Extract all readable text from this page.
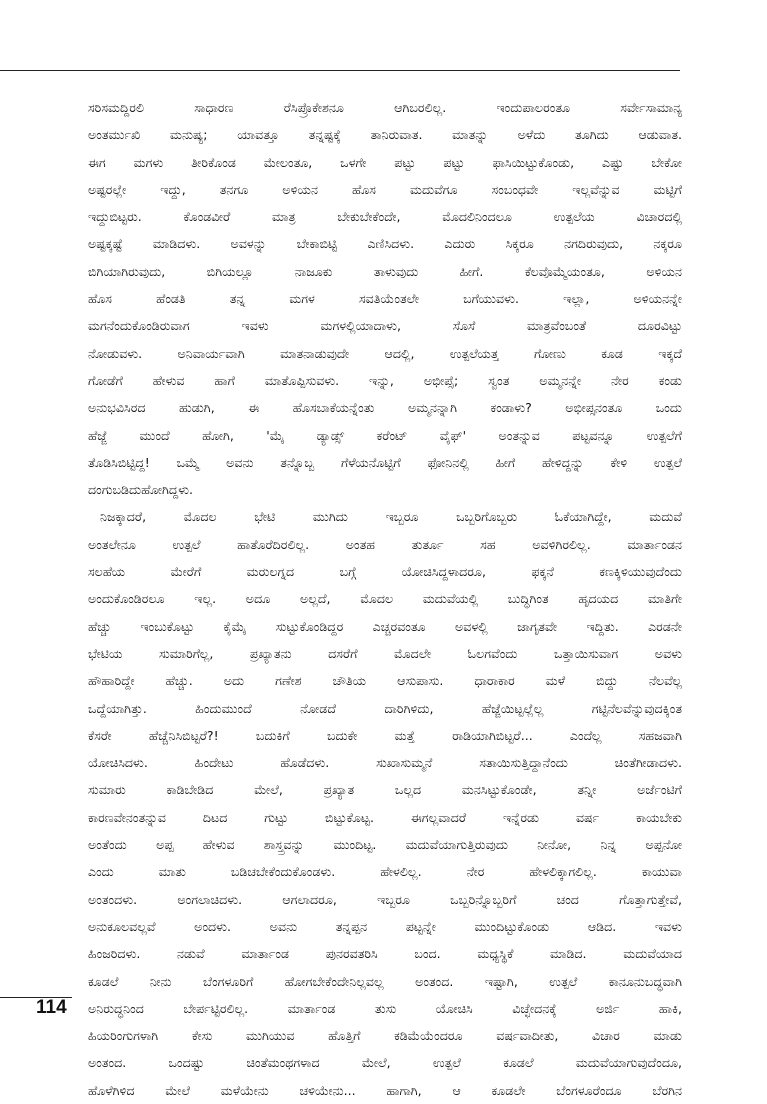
ಸರಿಸಮದ್ದಿರಲಿ ಸಾಧಾರಣ ರೆಸಿಪ್ರೊಕೇಶನೂ ಆಗಿಬರಲಿಲ್ಲ. ಇಂದುಪಾಲರಂತೂ ಸರ್ವೇಸಾಮಾನ್ಯ
ಅಂತರ್ಮುಖಿ ಮನುಷ್ಯ; ಯಾವತ್ತೂ ತನ್ನಷ್ಟಕ್ಕೆ ತಾನಿರುವಾತ. ಮಾತನ್ನು ಅಳೆದು ತೂಗಿದು ಆಡುವಾತ.
ಈಗ ಮಗಳು ತೀರಿಕೊಂಡ ಮೇಲಂತೂ, ಒಳಗೇ ಪಟ್ಟು ಪಟ್ಟು ಫಾಸಿಯಿಟ್ಟುಕೊಂಡು, ಎಷ್ಟು ಬೇಕೋ
ಅಷ್ಟರಲ್ಲೇ ಇದ್ದು, ತನಗೂ ಅಳಿಯನ ಹೊಸ ಮದುವೆಗೂ ಸಂಬಂಧವೇ ಇಲ್ಲವೆನ್ನುವ ಮಟ್ಟಿಗೆ
ಇದ್ದುಬಿಟ್ಟರು. ಕೊಂಡವೀರೆ ಮಾತ್ರ ಬೇಕುಬೇಕೆಂದೇ, ಮೊದಲಿನಿಂದಲೂ ಉತ್ಪಲೆಯ ವಿಚಾರದಲ್ಲಿ
ಅಷ್ಟಕ್ಕಷ್ಟೆ ಮಾಡಿದಳು. ಅವಳನ್ನು ಬೇಕಾಬಿಟ್ಟಿ ಎಣಿಸಿದಳು. ಎದುರು ಸಿಕ್ಕರೂ ನಗದಿರುವುದು, ನಕ್ಕರೂ
ಬಿಗಿಯಾಗಿರುವುದು, ಬಿಗಿಯಲ್ಲೂ ನಾಜೂಕು ತಾಳುವುದು ಹೀಗೆ. ಕೆಲವೊಮ್ಮೆಯಂತೂ, ಅಳಿಯನ
ಹೊಸ ಹೆಂಡತಿ ತನ್ನ ಮಗಳ ಸವತಿಯೆಂತಲೇ ಬಗೆಯುವಳು. ಇಲ್ಲಾ, ಅಳಿಯನನ್ನೇ
ಮಗನೆಂದುಕೊಂಡಿರುವಾಗ ಇವಳು ಮಗಳಲ್ಲಿಯಾದಾಳು, ಸೊಸೆ ಮಾತ್ರವೆಂಬಂತೆ ದೂರವಿಟ್ಟು
ನೋಡುವಳು. ಅನಿವಾರ್ಯವಾಗಿ ಮಾತನಾಡುವುದೇ ಆದಲ್ಲಿ, ಉತ್ಪಲೆಯತ್ತ ಗೋಣು ಕೂಡ ಇಕ್ಕದೆ
ಗೋಡೆಗೆ ಹೇಳುವ ಹಾಗೆ ಮಾತೊಪ್ಪಿಸುವಳು. ಇನ್ನು, ಅಭೀಪ್ಸೆ; ಸ್ವಂತ ಅಮ್ಮನನ್ನೇ ನೇರ ಕಂಡು
ಅನುಭವಿಸಿರದ ಹುಡುಗಿ, ಈ ಹೊಸಬಾಕೆಯನ್ನೆಂತು ಅಮ್ಮನನ್ನಾಗಿ ಕಂಡಾಳು? ಅಭೀಪ್ಸನಂತೂ ಒಂದು
ಹೆಜ್ಜೆ ಮುಂದೆ ಹೋಗಿ, 'ಮೈ ಡ್ಯಾಡ್ಸ್ ಕರೆಂಟ್ ವೈಫ್' ಅಂತನ್ನುವ ಪಟ್ಟವನ್ನೂ ಉತ್ಪಲೆಗೆ
ತೊಡಿಸಿಬಿಟ್ಟಿದ್ದ! ಒಮ್ಮೆ ಅವನು ತನ್ನೊಬ್ಬ ಗೆಳೆಯನೊಟ್ಟಿಗೆ ಫೋನಿನಲ್ಲಿ ಹೀಗೆ ಹೇಳಿದ್ದನ್ನು ಕೇಳಿ ಉತ್ಪಲೆ
ದಂಗುಬಡಿದುಹೋಗಿದ್ದಳು.
ನಿಜಕ್ಕಾದರೆ, ಮೊದಲ ಭೇಟಿ ಮುಗಿದು ಇಬ್ಬರೂ ಒಬ್ಬರಿಗೊಬ್ಬರು ಓಕೆಯಾಗಿದ್ದೇ, ಮದುವೆ
ಅಂತಲೇನೂ ಉತ್ಪಲೆ ಹಾತೊರೆದಿರಲಿಲ್ಲ. ಅಂತಹ ತುರ್ತೂ ಸಹ ಅವಳಿಗಿರಲಿಲ್ಲ. ಮಾರ್ತಾಂಡನ
ಸಲಹೆಯ ಮೇರೆಗೆ ಮರುಲಗ್ನದ ಬಗ್ಗೆ ಯೋಚಿಸಿದ್ದಳಾದರೂ, ಫಕ್ಕನೆ ಕಣಕ್ಕಿಳಿಯುವುದೆಂದು
ಅಂದುಕೊಂಡಿರಲೂ ಇಲ್ಲ. ಅದೂ ಅಲ್ಲದೆ, ಮೊದಲ ಮದುವೆಯಲ್ಲಿ ಬುದ್ಧಿಗಿಂತ ಹೃದಯದ ಮಾತಿಗೇ
ಹೆಚ್ಚು ಇಂಬುಕೊಟ್ಟು ಕೈಮೈ ಸುಟ್ಟುಕೊಂಡಿದ್ದರ ಎಚ್ಚರವಂತೂ ಅವಳಲ್ಲಿ ಜಾಗೃತವೇ ಇದ್ದಿತು. ಎರಡನೇ
ಭೇಟಿಯ ಸುಮಾರಿಗೆಲ್ಲ, ಪ್ರಖ್ಯಾತನು ದಸರೆಗೆ ಮೊದಲೇ ಓಲಗವೆಂದು ಒತ್ತಾಯಿಸುವಾಗ ಅವಳು
ಹೌಹಾರಿದ್ದೇ ಹೆಚ್ಚು. ಅದು ಗಣೇಶ ಚೌತಿಯ ಆಸುಪಾಸು. ಧಾರಾಕಾರ ಮಳೆ ಬಿದ್ದು ನೆಲವೆಲ್ಲ
ಒದ್ದೆಯಾಗಿತ್ತು. ಹಿಂದುಮುಂದೆ ನೋಡದೆ ದಾರಿಗಿಳಿದು, ಹೆಜ್ಜೆಯಿಟ್ಟಲ್ಲೆಲ್ಲ ಗಟ್ಟಿನೆಲವೆನ್ನುವುದಕ್ಕಿಂತ
ಕೆಸರೇ ಹೆಚ್ಚೆನಿಸಿಬಿಟ್ಟರೆ?! ಬದುಕಿಗೆ ಬದುಕೇ ಮತ್ತೆ ರಾಡಿಯಾಗಿಬಿಟ್ಟರೆ... ಎಂದೆಲ್ಲ ಸಹಜವಾಗಿ
ಯೋಚಿಸಿದಳು. ಹಿಂದೇಟು ಹೊಡೆದಳು. ಸುಖಾಸುಮ್ಮನೆ ಸತಾಯಿಸುತ್ತಿದ್ದಾನೆಂದು ಚಿಂತೆಗೀಡಾದಳು.
ಸುಮಾರು ಕಾಡಿಬೇಡಿದ ಮೇಲೆ, ಪ್ರಖ್ಯಾತ ಒಲ್ಲದ ಮನಸಿಟ್ಟುಕೊಂಡೇ, ತನ್ನೀ ಅರ್ಜೆಂಟಿಗೆ
ಕಾರಣವೇನಂತನ್ನುವ ದಿಟದ ಗುಟ್ಟು ಬಿಟ್ಟುಕೊಟ್ಟ. ಈಗಲ್ಲವಾದರೆ ಇನ್ನೆರಡು ವರ್ಷ ಕಾಯಬೇಕು
ಅಂತೆಂದು ಅಪ್ಪ ಹೇಳುವ ಶಾಸ್ತ್ರವನ್ನು ಮುಂದಿಟ್ಟ. ಮದುವೆಯಾಗುತ್ತಿರುವುದು ನೀನೋ, ನಿನ್ನ ಅಪ್ಪನೋ
ಎಂದು ಮಾತು ಬಡಿಚಬೇಕೆಂದುಕೊಂಡಳು. ಹೇಳಲಿಲ್ಲ. ನೇರ ಹೇಳಲಿಕ್ಕಾಗಲಿಲ್ಲ. ಕಾಯುವಾ
ಅಂತಂದಳು. ಅಂಗಲಾಚಿದಳು. ಆಗಲಾದರೂ, ಇಬ್ಬರೂ ಒಬ್ಬರಿನ್ನೊಬ್ಬರಿಗೆ ಚಂದ ಗೊತ್ತಾಗುತ್ತೇವೆ,
ಅನುಕೂಲವಲ್ಲವೆ ಅಂದಳು. ಅವನು ತನ್ನಪ್ಪನ ಪಟ್ಟನ್ನೇ ಮುಂದಿಟ್ಟುಕೊಂಡು ಆಡಿದ. ಇವಳು
ಹಿಂಜರಿದಳು. ನಡುವೆ ಮಾರ್ತಾಂಡ ಪುನರವತರಿಸಿ ಬಂದ. ಮಧ್ಯಸ್ಥಿಕೆ ಮಾಡಿದ. ಮದುವೆಯಾದ
ಕೂಡಲೆ ನೀನು ಬೆಂಗಳೂರಿಗೆ ಹೋಗಬೇಕೆಂದೇನಿಲ್ಲವಲ್ಲ ಅಂತಂದ. ಇಷ್ಟಾಗಿ, ಉತ್ಪಲೆ ಕಾನೂನುಬದ್ಧವಾಗಿ
ಅನಿರುದ್ಧನಿಂದ ಬೇರ್ಪಟ್ಟಿರಲಿಲ್ಲ. ಮಾರ್ತಾಂಡ ತುಸು ಯೋಚಿಸಿ ವಿಚ್ಛೇದನಕ್ಕೆ ಅರ್ಜಿ ಹಾಕಿ,
ಹಿಯರಿಂಗುಗಳಾಗಿ ಕೇಸು ಮುಗಿಯುವ ಹೊತ್ತಿಗೆ ಕಡಿಮೆಯೆಂದರೂ ವರ್ಷವಾದೀತು, ವಿಚಾರ ಮಾಡು
ಅಂತಂದ. ಒಂದಷ್ಟು ಚಿಂತೆಮಂಥಗಳಾದ ಮೇಲೆ, ಉತ್ಪಲೆ ಕೂಡಲೆ ಮದುವೆಯಾಗುವುದೆಂದೂ,
ಹೊಳೆಗಿಳಿದ ಮೇಲೆ ಮಳೆಯೇನು ಚಳಿಯೇನು... ಹಾಗಾಗಿ, ಆ ಕೂಡಲೇ ಬೆಂಗಳೂರೆಂದೂ ಬೆರಗಿನ
114
